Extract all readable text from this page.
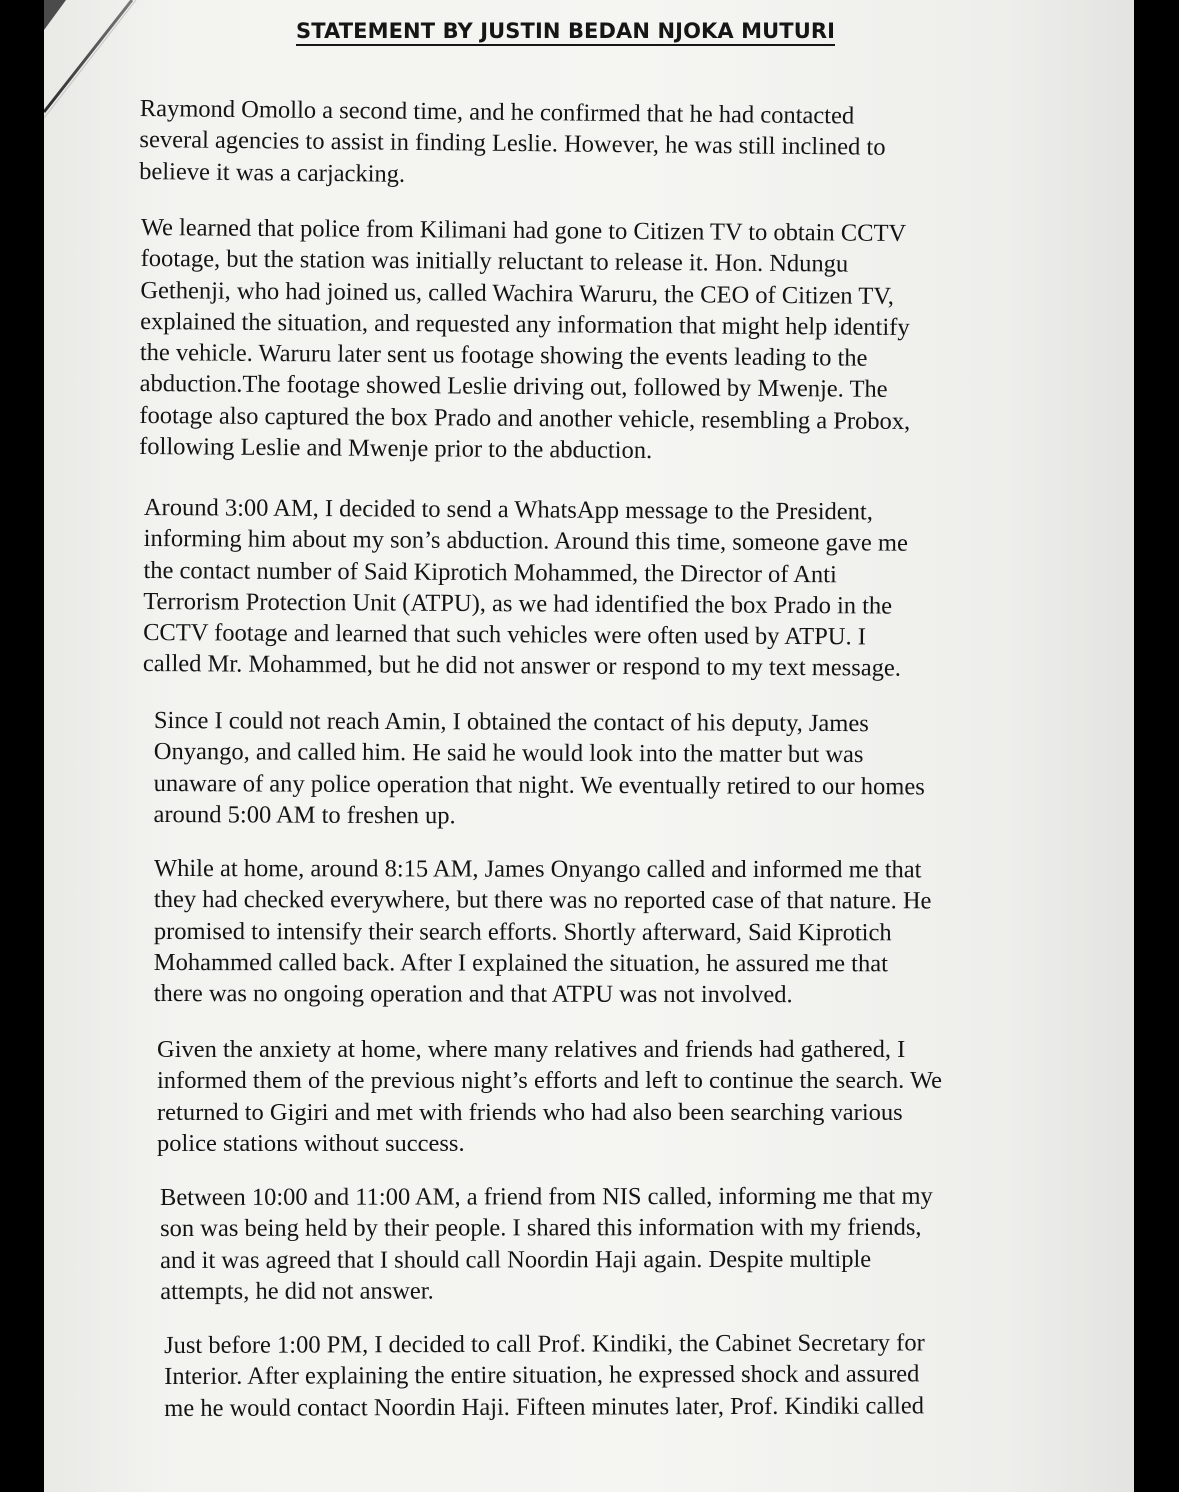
STATEMENT BY JUSTIN BEDAN NJOKA MUTURI
Raymond Omollo a second time, and he confirmed that he had contacted
several agencies to assist in finding Leslie. However, he was still inclined to
believe it was a carjacking.
We learned that police from Kilimani had gone to Citizen TV to obtain CCTV
footage, but the station was initially reluctant to release it. Hon. Ndungu
Gethenji, who had joined us, called Wachira Waruru, the CEO of Citizen TV,
explained the situation, and requested any information that might help identify
the vehicle. Waruru later sent us footage showing the events leading to the
abduction.The footage showed Leslie driving out, followed by Mwenje. The
footage also captured the box Prado and another vehicle, resembling a Probox,
following Leslie and Mwenje prior to the abduction.
Around 3:00 AM, I decided to send a WhatsApp message to the President,
informing him about my son’s abduction. Around this time, someone gave me
the contact number of Said Kiprotich Mohammed, the Director of Anti
Terrorism Protection Unit (ATPU), as we had identified the box Prado in the
CCTV footage and learned that such vehicles were often used by ATPU. I
called Mr. Mohammed, but he did not answer or respond to my text message.
Since I could not reach Amin, I obtained the contact of his deputy, James
Onyango, and called him. He said he would look into the matter but was
unaware of any police operation that night. We eventually retired to our homes
around 5:00 AM to freshen up.
While at home, around 8:15 AM, James Onyango called and informed me that
they had checked everywhere, but there was no reported case of that nature. He
promised to intensify their search efforts. Shortly afterward, Said Kiprotich
Mohammed called back. After I explained the situation, he assured me that
there was no ongoing operation and that ATPU was not involved.
Given the anxiety at home, where many relatives and friends had gathered, I
informed them of the previous night’s efforts and left to continue the search. We
returned to Gigiri and met with friends who had also been searching various
police stations without success.
Between 10:00 and 11:00 AM, a friend from NIS called, informing me that my
son was being held by their people. I shared this information with my friends,
and it was agreed that I should call Noordin Haji again. Despite multiple
attempts, he did not answer.
Just before 1:00 PM, I decided to call Prof. Kindiki, the Cabinet Secretary for
Interior. After explaining the entire situation, he expressed shock and assured
me he would contact Noordin Haji. Fifteen minutes later, Prof. Kindiki called
